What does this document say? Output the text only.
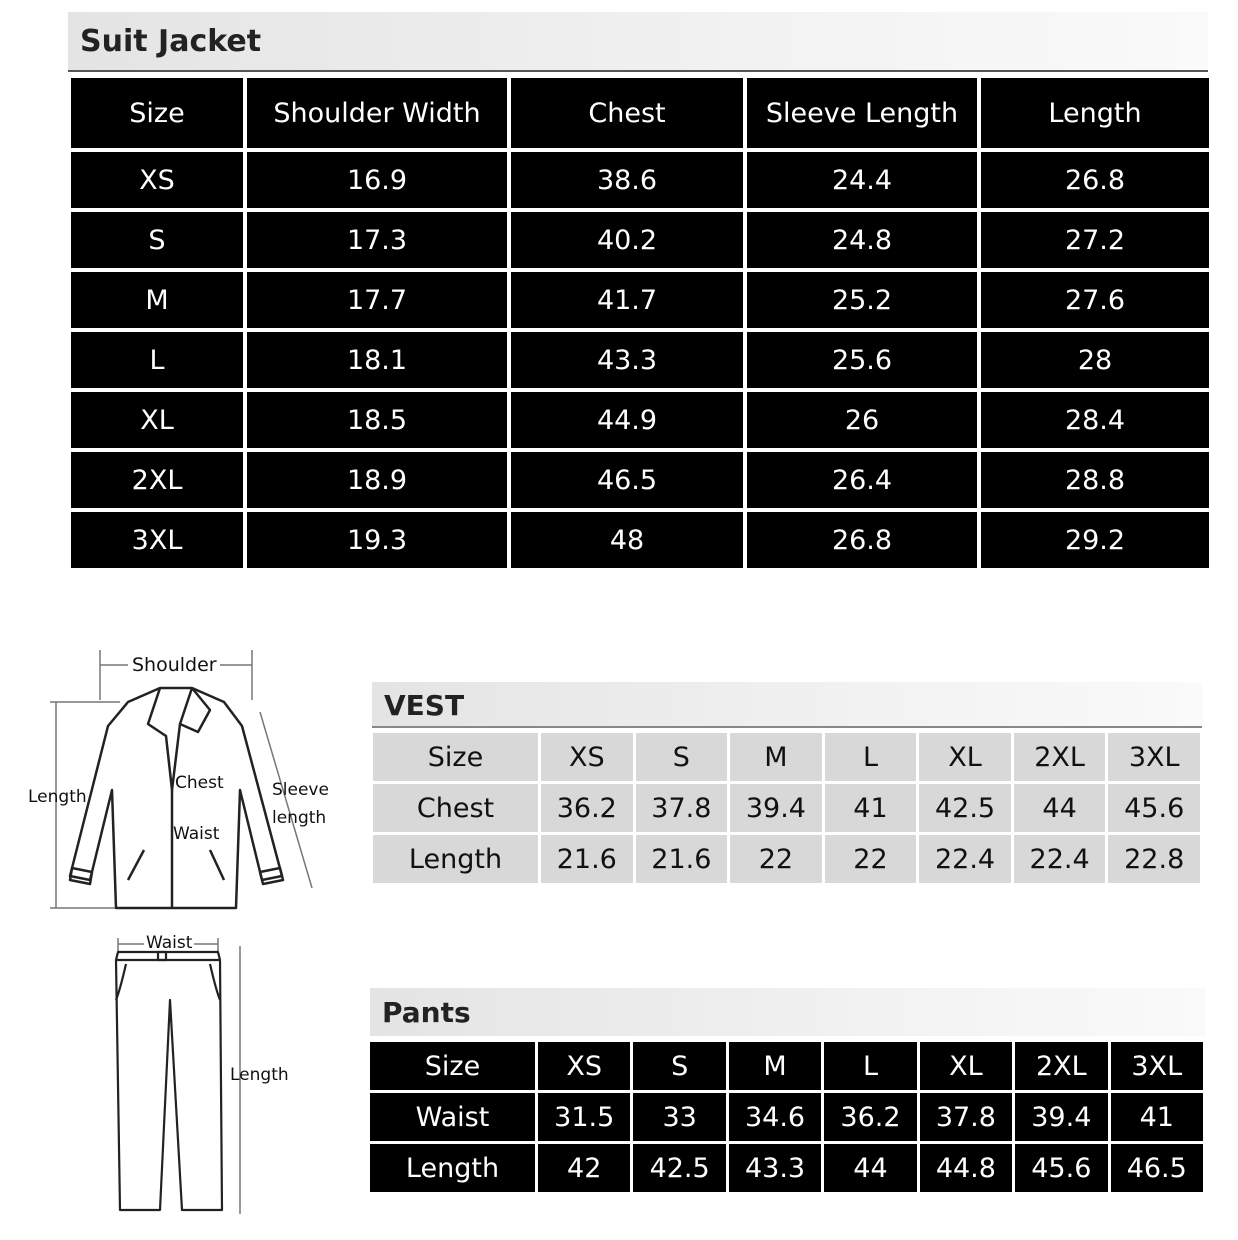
Suit Jacket
Size	Shoulder Width	Chest	Sleeve Length	Length
XS	16.9	38.6	24.4	26.8
S	17.3	40.2	24.8	27.2
M	17.7	41.7	25.2	27.6
L	18.1	43.3	25.6	28
XL	18.5	44.9	26	28.4
2XL	18.9	46.5	26.4	28.8
3XL	19.3	48	26.8	29.2
Shoulder
Length
Chest
Waist
Sleeve
length
Waist
Length
VEST
Size	XS	S	M	L	XL	2XL	3XL
Chest	36.2	37.8	39.4	41	42.5	44	45.6
Length	21.6	21.6	22	22	22.4	22.4	22.8
Pants
Size	XS	S	M	L	XL	2XL	3XL
Waist	31.5	33	34.6	36.2	37.8	39.4	41
Length	42	42.5	43.3	44	44.8	45.6	46.5
